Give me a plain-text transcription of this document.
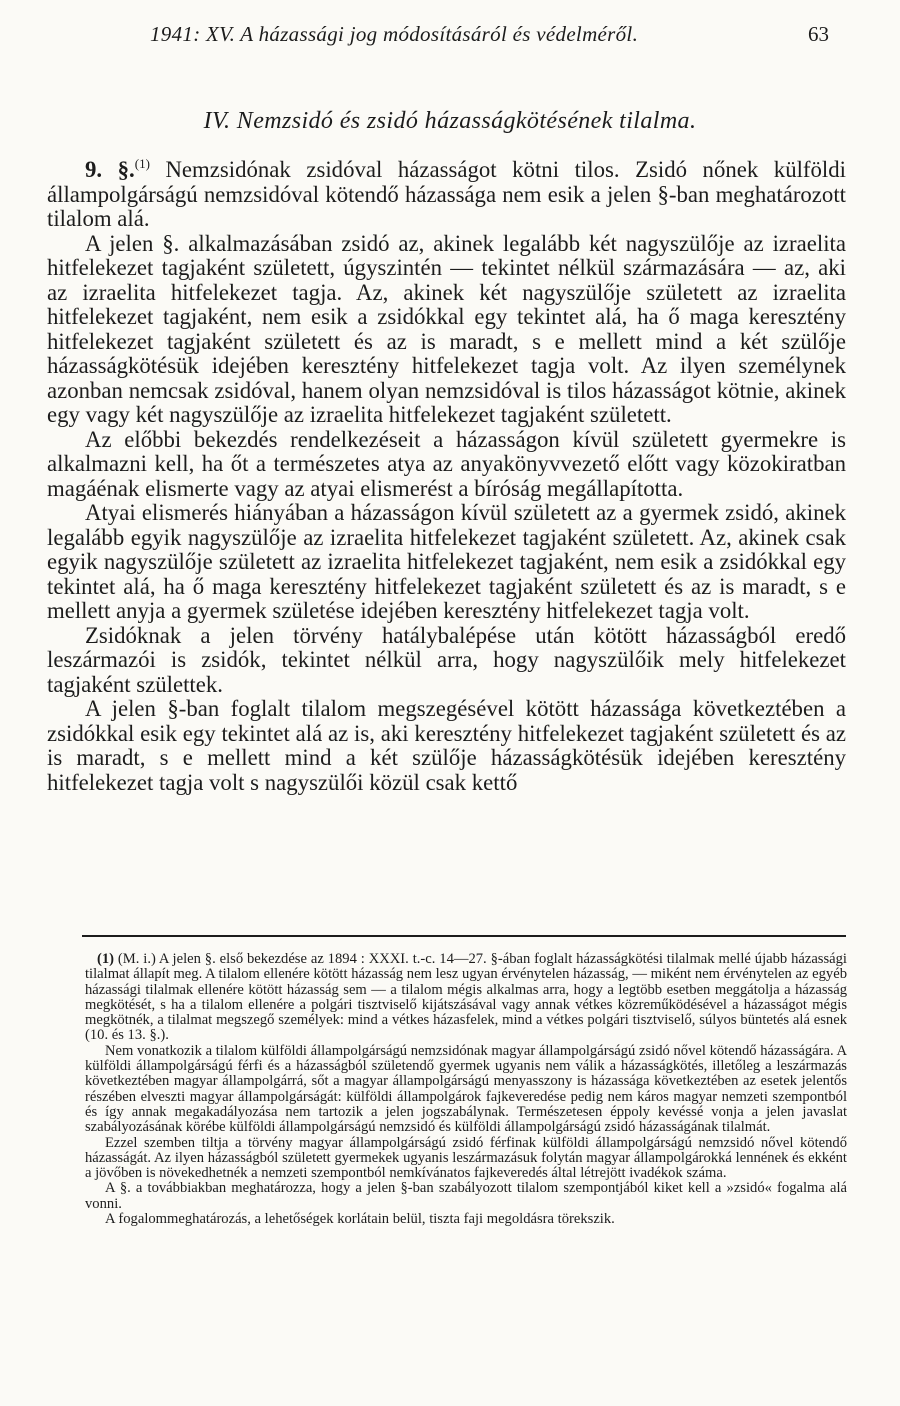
1941: XV. A házassági jog módosításáról és védelméről.	63
IV. Nemzsidó és zsidó házasságkötésének tilalma.

9. §.$^{(1)}$ Nemzsidónak zsidóval házasságot kötni tilos. Zsidó nőnek külföldi állampolgárságú nemzsidóval kötendő házassága nem esik a jelen §-ban meghatározott tilalom alá.

A jelen §. alkalmazásában zsidó az, akinek legalább két nagyszülője az izraelita hitfelekezet tagjaként született, úgyszintén — tekintet nélkül származására — az, aki az izraelita hitfelekezet tagja. Az, akinek két nagyszülője született az izraelita hitfelekezet tagjaként, nem esik a zsidókkal egy tekintet alá, ha ő maga keresztény hitfelekezet tagjaként született és az is maradt, s e mellett mind a két szülője házasságkötésük idejében keresztény hitfelekezet tagja volt. Az ilyen személynek azonban nemcsak zsidóval, hanem olyan nemzsidóval is tilos házasságot kötnie, akinek egy vagy két nagyszülője az izraelita hitfelekezet tagjaként született.

Az előbbi bekezdés rendelkezéseit a házasságon kívül született gyermekre is alkalmazni kell, ha őt a természetes atya az anyakönyvvezető előtt vagy közokiratban magáénak elismerte vagy az atyai elismerést a bíróság megállapította.

Atyai elismerés hiányában a házasságon kívül született az a gyermek zsidó, akinek legalább egyik nagyszülője az izraelita hitfelekezet tagjaként született. Az, akinek csak egyik nagyszülője született az izraelita hitfelekezet tagjaként, nem esik a zsidókkal egy tekintet alá, ha ő maga keresztény hitfelekezet tagjaként született és az is maradt, s e mellett anyja a gyermek születése idejében keresztény hitfelekezet tagja volt.

Zsidóknak a jelen törvény hatálybalépése után kötött házasságból eredő leszármazói is zsidók, tekintet nélkül arra, hogy nagyszülőik mely hitfelekezet tagjaként születtek.

A jelen §-ban foglalt tilalom megszegésével kötött házassága következtében a zsidókkal esik egy tekintet alá az is, aki keresztény hitfelekezet tagjaként született és az is maradt, s e mellett mind a két szülője házasságkötésük idejében keresztény hitfelekezet tagja volt s nagyszülői közül csak kettő

(1) (M. i.) A jelen §. első bekezdése az 1894 : XXXI. t.-c. 14—27. §-ában foglalt házasságkötési tilalmak mellé újabb házassági tilalmat állapít meg. A tilalom ellenére kötött házasság nem lesz ugyan érvénytelen házasság, — miként nem érvénytelen az egyéb házassági tilalmak ellenére kötött házasság sem — a tilalom mégis alkalmas arra, hogy a legtöbb esetben meggátolja a házasság megkötését, s ha a tilalom ellenére a polgári tisztviselő kijátszásával vagy annak vétkes közreműködésével a házasságot mégis megkötnék, a tilalmat megszegő személyek: mind a vétkes házasfelek, mind a vétkes polgári tisztviselő, súlyos büntetés alá esnek (10. és 13. §.).

Nem vonatkozik a tilalom külföldi állampolgárságú nemzsidónak magyar állampolgárságú zsidó nővel kötendő házasságára. A külföldi állampolgárságú férfi és a házasságból születendő gyermek ugyanis nem válik a házasságkötés, illetőleg a leszármazás következtében magyar állampolgárrá, sőt a magyar állampolgárságú menyasszony is házassága következtében az esetek jelentős részében elveszti magyar állampolgárságát: külföldi állampolgárok fajkeveredése pedig nem káros magyar nemzeti szempontból és így annak megakadályozása nem tartozik a jelen jogszabálynak. Természetesen éppoly kevéssé vonja a jelen javaslat szabályozásának körébe külföldi állampolgárságú nemzsidó és külföldi állampolgárságú zsidó házasságának tilalmát.

Ezzel szemben tiltja a törvény magyar állampolgárságú zsidó férfinak külföldi állampolgárságú nemzsidó nővel kötendő házasságát. Az ilyen házasságból született gyermekek ugyanis leszármazásuk folytán magyar állampolgárokká lennének és ekként a jövőben is növekedhetnék a nemzeti szempontból nemkívánatos fajkeveredés által létrejött ivadékok száma.

A §. a továbbiakban meghatározza, hogy a jelen §-ban szabályozott tilalom szempontjából kiket kell a »zsidó« fogalma alá vonni.

A fogalommeghatározás, a lehetőségek korlátain belül, tiszta faji megoldásra törekszik.
